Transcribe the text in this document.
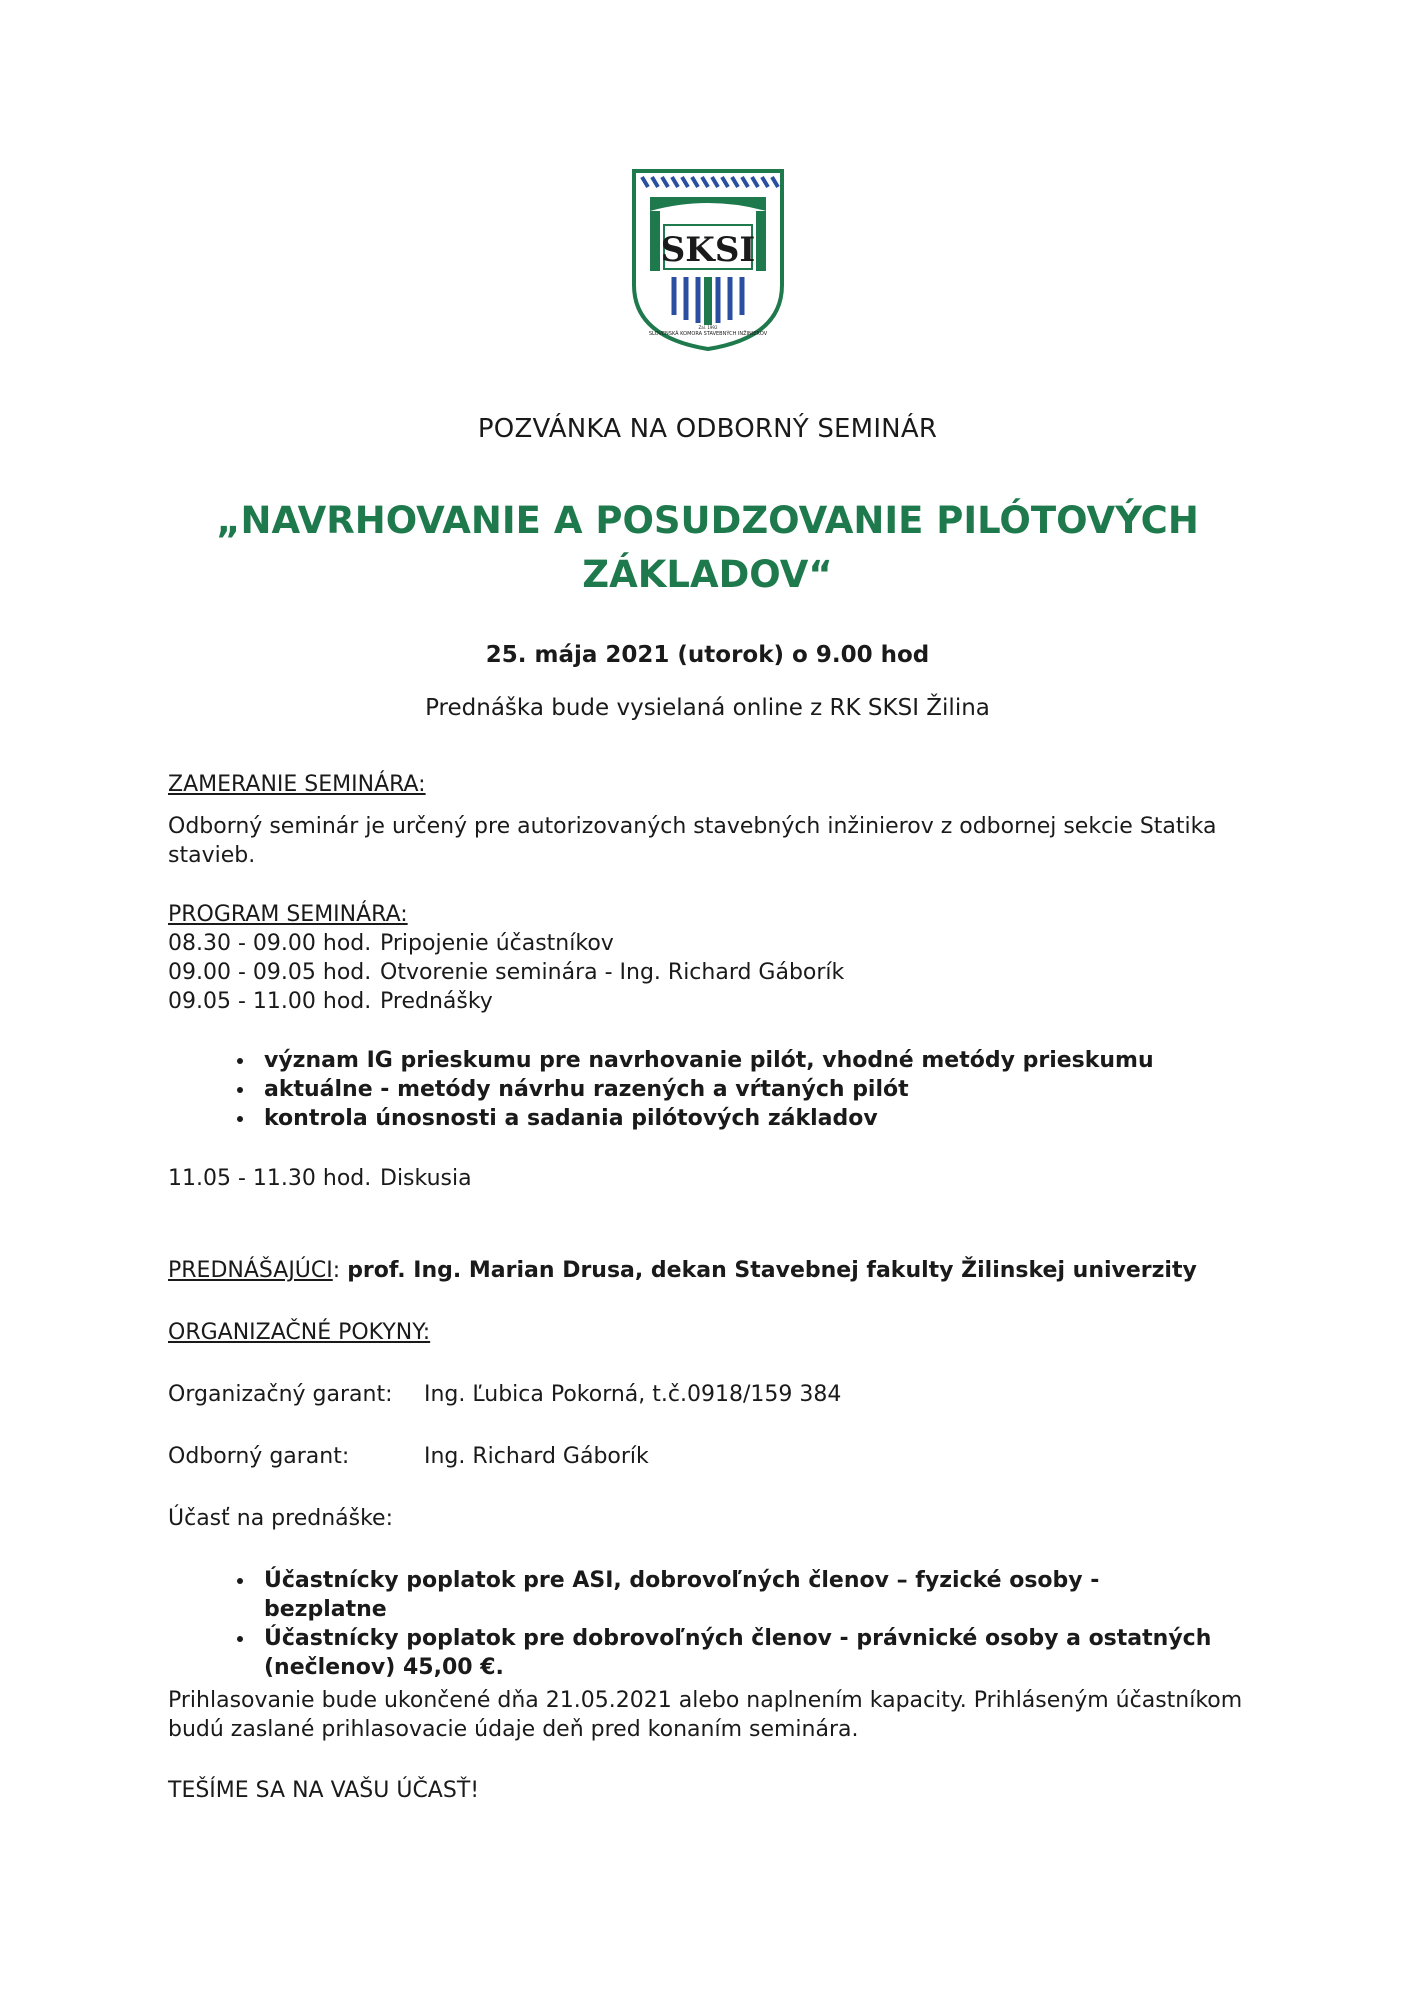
SKSI
SLOVENSKÁ KOMORA STAVEBNÝCH INŽINIEROV
Zal. 1992
POZVÁNKA NA ODBORNÝ SEMINÁR
„NAVRHOVANIE A POSUDZOVANIE PILÓTOVÝCH
ZÁKLADOV“
25. mája 2021 (utorok) o 9.00 hod
Prednáška bude vysielaná online z RK SKSI Žilina
ZAMERANIE SEMINÁRA:
Odborný seminár je určený pre autorizovaných stavebných inžinierov z odbornej sekcie Statika stavieb.
PROGRAM SEMINÁRA:
08.30 - 09.00 hod. Pripojenie účastníkov
09.00 - 09.05 hod. Otvorenie seminára - Ing. Richard Gáborík
09.05 - 11.00 hod. Prednášky
• význam IG prieskumu pre navrhovanie pilót, vhodné metódy prieskumu
• aktuálne - metódy návrhu razených a vŕtaných pilót
• kontrola únosnosti a sadania pilótových základov
11.05 - 11.30 hod. Diskusia
PREDNÁŠAJÚCI: prof. Ing. Marian Drusa, dekan Stavebnej fakulty Žilinskej univerzity
ORGANIZAČNÉ POKYNY:
Organizačný garant: Ing. Ľubica Pokorná, t.č.0918/159 384
Odborný garant:	Ing. Richard Gáborík
Účasť na prednáške:
• Účastnícky poplatok pre ASI, dobrovoľných členov – fyzické osoby - bezplatne
• Účastnícky poplatok pre dobrovoľných členov - právnické osoby a ostatných (nečlenov) 45,00 €.
Prihlasovanie bude ukončené dňa 21.05.2021 alebo naplnením kapacity. Prihláseným účastníkom budú zaslané prihlasovacie údaje deň pred konaním seminára.
TEŠÍME SA NA VAŠU ÚČASŤ!
